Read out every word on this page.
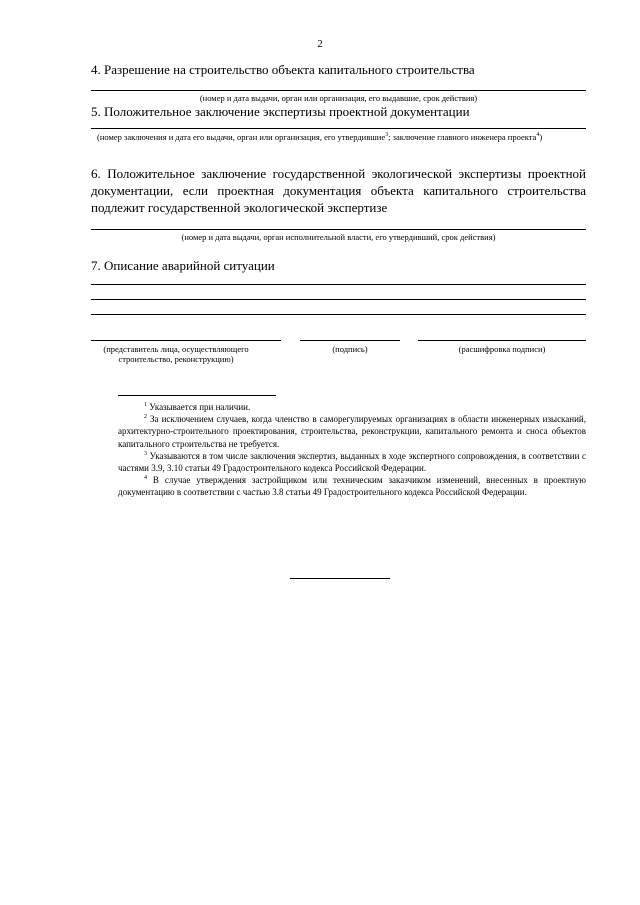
2
4. Разрешение на строительство объекта капитального строительства
(номер и дата выдачи, орган или организация, его выдавшие, срок действия)
5. Положительное заключение экспертизы проектной документации
(номер заключения и дата его выдачи, орган или организация, его утвердившие$^3$; заключение главного инженера проекта$^4$)
6. Положительное заключение государственной экологической экспертизы проектной документации, если проектная документация объекта капитального строительства подлежит государственной экологической экспертизе
(номер и дата выдачи, орган исполнительной власти, его утвердивший, срок действия)
7. Описание аварийной ситуации
(представитель лица, осуществляющего строительство, реконструкцию)
(подпись)	(расшифровка подписи)

$^1$ Указывается при наличии.

$^2$ За исключением случаев, когда членство в саморегулируемых организациях в области инженерных изысканий, архитектурно-строительного проектирования, строительства, реконструкции, капитального ремонта и сноса объектов капитального строительства не требуется.

$^3$ Указываются в том числе заключения экспертиз, выданных в ходе экспертного сопровождения, в соответствии с частями 3.9, 3.10 статьи 49 Градостроительного кодекса Российской Федерации.

$^4$ В случае утверждения застройщиком или техническим заказчиком изменений, внесенных в проектную документацию в соответствии с частью 3.8 статьи 49 Градостроительного кодекса Российской Федерации.
